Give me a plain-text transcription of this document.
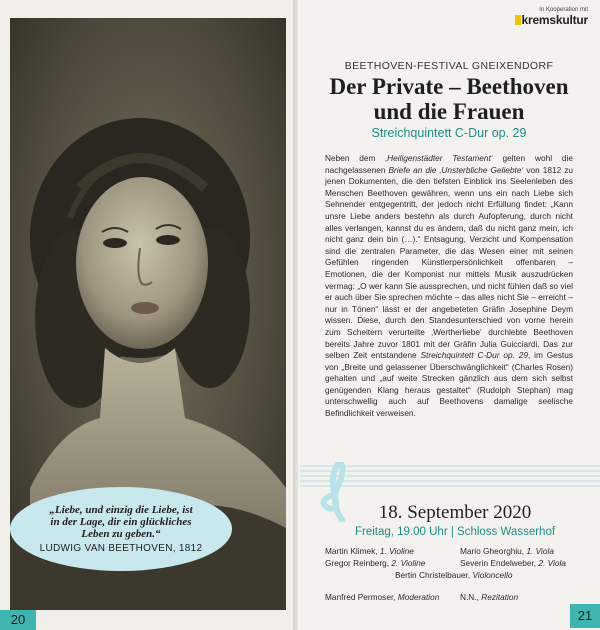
„Liebe, und einzig die Liebe, ist in der Lage, dir ein glückliches Leben zu geben.“
LUDWIG VAN BEETHOVEN, 1812
20
In Kooperation mit
kremskultur
BEETHOVEN-FESTIVAL GNEIXENDORF
Der Private – Beethoven
und die Frauen
Streichquintett C-Dur op. 29
Neben dem ‚Heiligenstädter Testament‘ gelten wohl die nachgelassenen Briefe an die ‚Unsterbliche Geliebte‘ von 1812 zu jenen Dokumenten, die den tiefsten Einblick ins Seelenleben des Menschen Beethoven gewähren, wenn uns ein nach Liebe sich Sehnender entgegentritt, der jedoch nicht Erfüllung findet: „Kann unsre Liebe anders bestehn als durch Aufopferung, durch nicht alles verlangen, kannst du es ändern, daß du nicht ganz mein, ich nicht ganz dein bin (…).“ Entsagung, Verzicht und Kompensation sind die zentralen Parameter, die das Wesen einer mit seinen Gefühlen ringenden Künstlerpersönlichkeit offenbaren – Emotionen, die der Komponist nur mittels Musik auszudrücken vermag: „O wer kann Sie aussprechen, und nicht fühlen daß so viel er auch über Sie sprechen möchte – das alles nicht Sie – erreicht – nur in Tönen“ lässt er der angebeteten Gräfin Josephine Deym wissen. Diese, durch den Standesunterschied von vorne herein zum Scheitern verurteilte ‚Wertherliebe‘ durchlebte Beethoven bereits Jahre zuvor 1801 mit der Gräfin Julia Guicciardi. Das zur selben Zeit entstandene Streichquintett C-Dur op. 29, im Gestus von „Breite und gelassener Überschwänglichkeit“ (Charles Rosen) gehalten und „auf weite Strecken gänzlich aus dem sich selbst genügenden Klang heraus gestaltet“ (Rudolph Stephan) mag unterschwellig auch auf Beethovens damalige seelische Befindlichkeit verweisen.
18. September 2020
Freitag, 19.00 Uhr | Schloss Wasserhof
Martin Klimek, 1. Violine	Mario Gheorghiu, 1. Viola
Gregor Reinberg, 2. Violine	Severin Endelweber, 2. Viola
Bertin Christelbauer, Violoncello
Manfred Permoser, Moderation N.N., Rezitation
21
